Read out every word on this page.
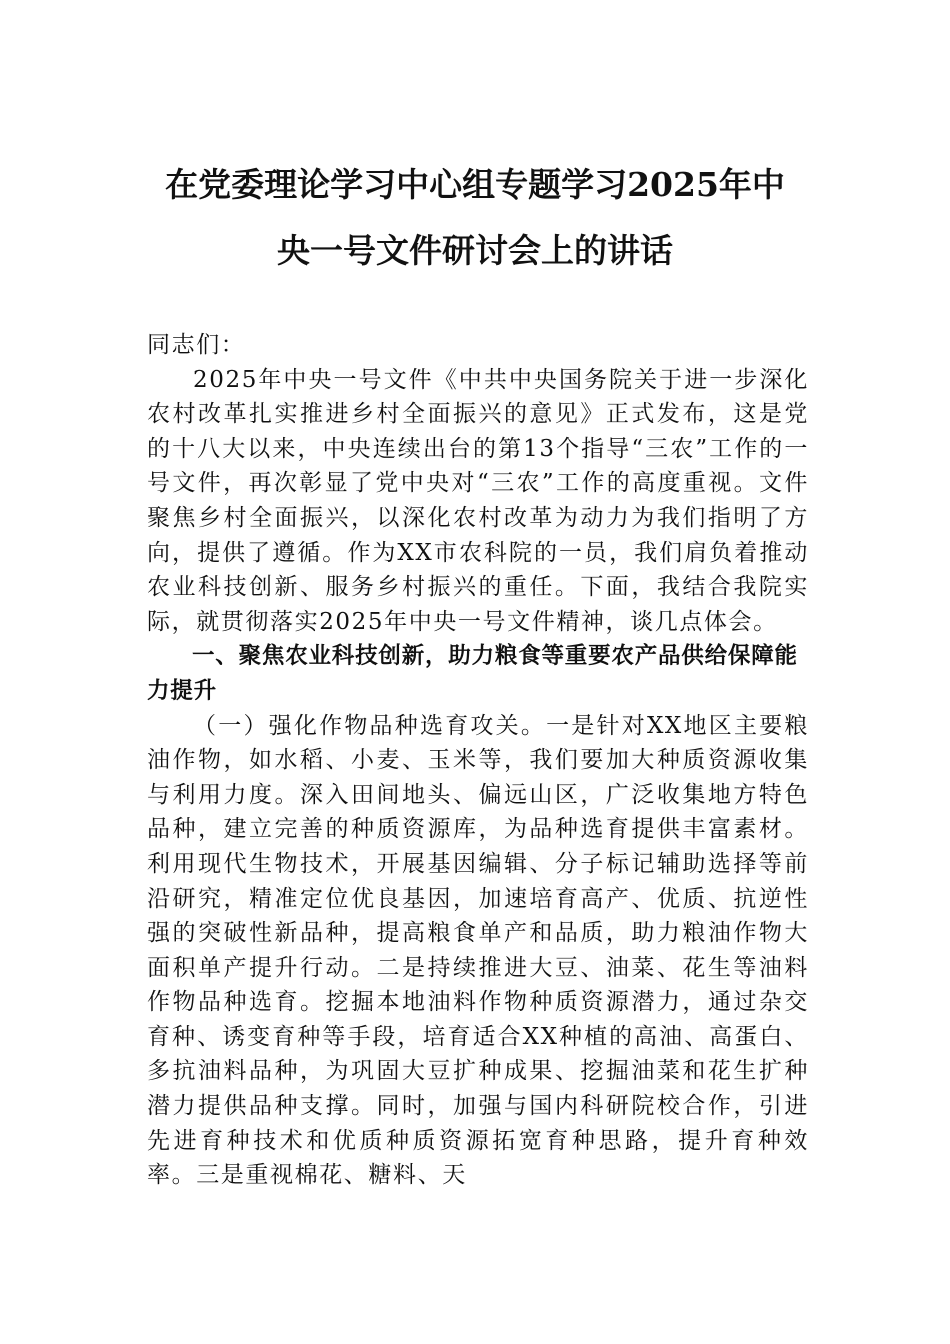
在党委理论学习中心组专题学习2025年中
央一号文件研讨会上的讲话

同志们：

2025年中央一号文件《中共中央国务院关于进一步深化农村改革扎实推进乡村全面振兴的意见》正式发布，这是党的十八大以来，中央连续出台的第13个指导“三农”工作的一号文件，再次彰显了党中央对“三农”工作的高度重视。文件聚焦乡村全面振兴，以深化农村改革为动力为我们指明了方向，提供了遵循。作为XX市农科院的一员，我们肩负着推动农业科技创新、服务乡村振兴的重任。下面，我结合我院实际，就贯彻落实2025年中央一号文件精神，谈几点体会。

一、聚焦农业科技创新，助力粮食等重要农产品供给保障能力提升

（一）强化作物品种选育攻关。一是针对XX地区主要粮油作物，如水稻、小麦、玉米等，我们要加大种质资源收集与利用力度。深入田间地头、偏远山区，广泛收集地方特色品种，建立完善的种质资源库，为品种选育提供丰富素材。利用现代生物技术，开展基因编辑、分子标记辅助选择等前沿研究，精准定位优良基因，加速培育高产、优质、抗逆性强的突破性新品种，提高粮食单产和品质，助力粮油作物大面积单产提升行动。二是持续推进大豆、油菜、花生等油料作物品种选育。挖掘本地油料作物种质资源潜力，通过杂交育种、诱变育种等手段，培育适合XX种植的高油、高蛋白、多抗油料品种，为巩固大豆扩种成果、挖掘油菜和花生扩种潜力提供品种支撑。同时，加强与国内科研院校合作，引进先进育种技术和优质种质资源拓宽育种思路，提升育种效率。三是重视棉花、糖料、天
